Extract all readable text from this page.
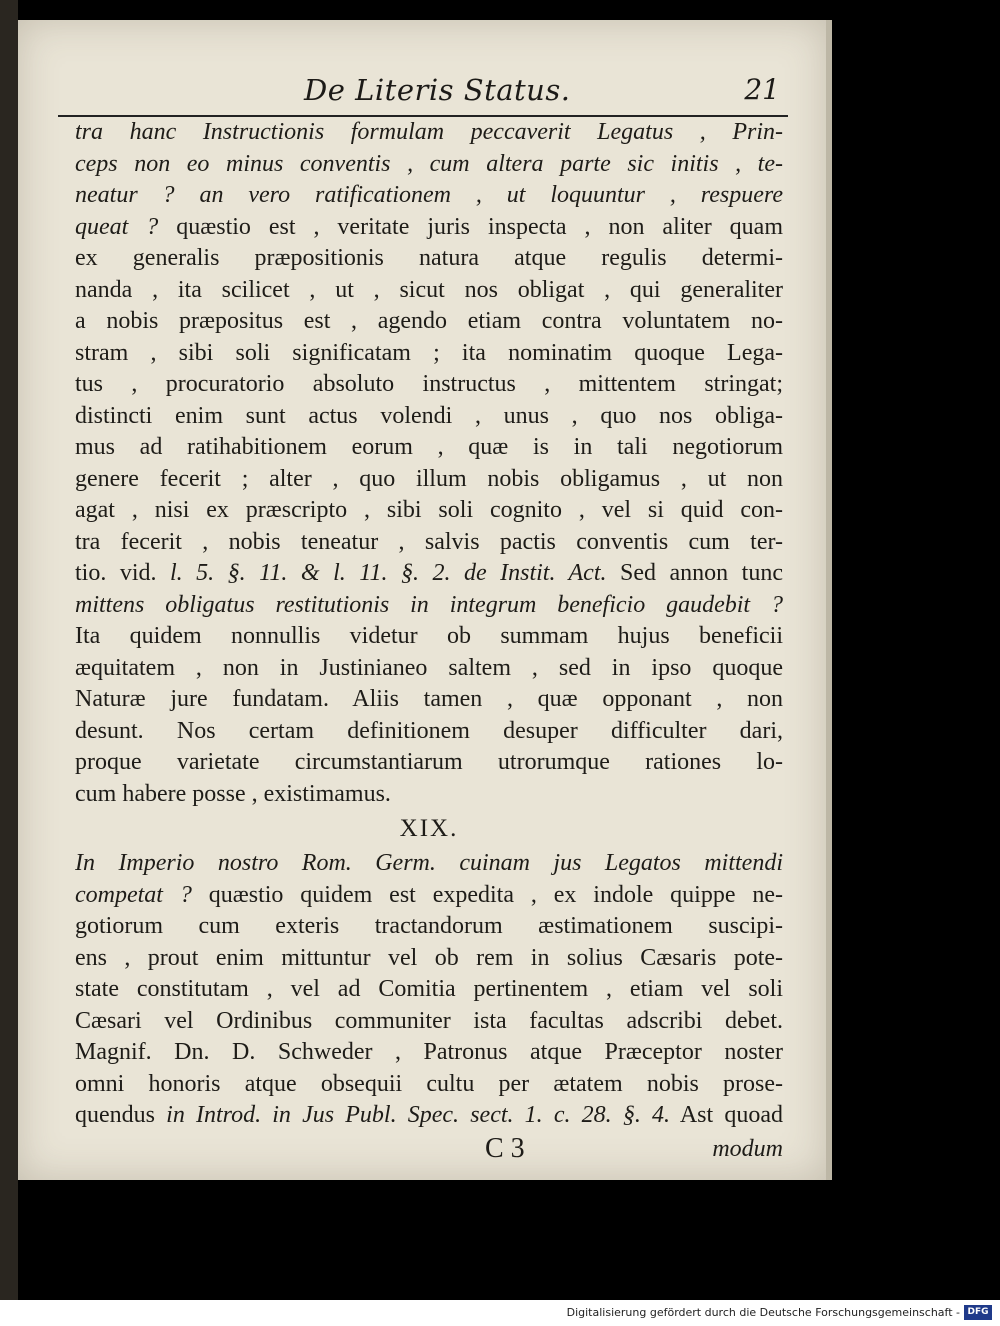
De Literis Status.	21
tra hanc Instructionis formulam peccaverit Legatus , Prin-
ceps non eo minus conventis , cum altera parte sic initis , te-
neatur ? an vero ratificationem , ut loquuntur , respuere
queat ? quæstio est , veritate juris inspecta , non aliter quam
ex generalis præpositionis natura atque regulis determi-
nanda , ita scilicet , ut , sicut nos obligat , qui generaliter
a nobis præpositus est , agendo etiam contra voluntatem no-
stram , sibi soli significatam ; ita nominatim quoque Lega-
tus , procuratorio absoluto instructus , mittentem stringat;
distincti enim sunt actus volendi , unus , quo nos obliga-
mus ad ratihabitionem eorum , quæ is in tali negotiorum
genere fecerit ; alter , quo illum nobis obligamus , ut non
agat , nisi ex præscripto , sibi soli cognito , vel si quid con-
tra fecerit , nobis teneatur , salvis pactis conventis cum ter-
tio. vid. l. 5. §. 11. & l. 11. §. 2. de Instit. Act. Sed annon tunc
mittens obligatus restitutionis in integrum beneficio gaudebit ?
Ita quidem nonnullis videtur ob summam hujus beneficii
æquitatem , non in Justinianeo saltem , sed in ipso quoque
Naturæ jure fundatam. Aliis tamen , quæ opponant , non
desunt. Nos certam definitionem desuper difficulter dari,
proque varietate circumstantiarum utrorumque rationes lo-
cum habere posse , existimamus.
XIX.
In Imperio nostro Rom. Germ. cuinam jus Legatos mittendi
competat ? quæstio quidem est expedita , ex indole quippe ne-
gotiorum cum exteris tractandorum æstimationem suscipi-
ens , prout enim mittuntur vel ob rem in solius Cæsaris pote-
state constitutam , vel ad Comitia pertinentem , etiam vel soli
Cæsari vel Ordinibus communiter ista facultas adscribi debet.
Magnif. Dn. D. Schweder , Patronus atque Præceptor noster
omni honoris atque obsequii cultu per ætatem nobis prose-
quendus in Introd. in Jus Publ. Spec. sect. 1. c. 28. §. 4. Ast quoad
C 3	modum
Digitalisierung gefördert durch die Deutsche Forschungsgemeinschaft - DFG
